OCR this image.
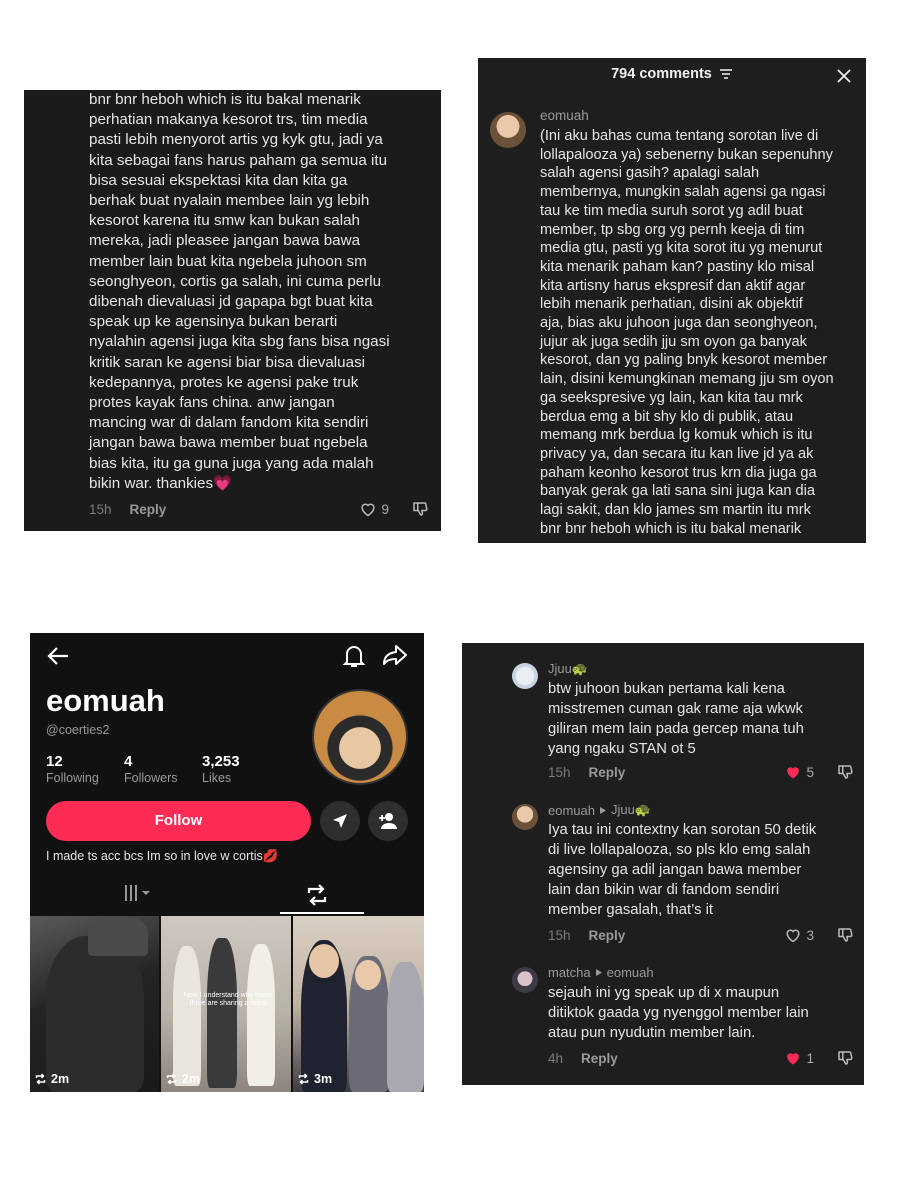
bnr bnr heboh which is itu bakal menarik
perhatian makanya kesorot trs, tim media
pasti lebih menyorot artis yg kyk gtu, jadi ya
kita sebagai fans harus paham ga semua itu
bisa sesuai ekspektasi kita dan kita ga
berhak buat nyalain membee lain yg lebih
kesorot karena itu smw kan bukan salah
mereka, jadi pleasee jangan bawa bawa
member lain buat kita ngebela juhoon sm
seonghyeon, cortis ga salah, ini cuma perlu
dibenah dievaluasi jd gapapa bgt buat kita
speak up ke agensinya bukan berarti
nyalahin agensi juga kita sbg fans bisa ngasi
kritik saran ke agensi biar bisa dievaluasi
kedepannya, protes ke agensi pake truk
protes kayak fans china. anw jangan
mancing war di dalam fandom kita sendiri
jangan bawa bawa member buat ngebela
bias kita, itu ga guna juga yang ada malah
bikin war. thankies💗
15h Reply	9
794 comments
eomuah
(Ini aku bahas cuma tentang sorotan live di
lollapalooza ya) sebenerny bukan sepenuhny
salah agensi gasih? apalagi salah
membernya, mungkin salah agensi ga ngasi
tau ke tim media suruh sorot yg adil buat
member, tp sbg org yg pernh keeja di tim
media gtu, pasti yg kita sorot itu yg menurut
kita menarik paham kan? pastiny klo misal
kita artisny harus ekspresif dan aktif agar
lebih menarik perhatian, disini ak objektif
aja, bias aku juhoon juga dan seonghyeon,
jujur ak juga sedih jju sm oyon ga banyak
kesorot, dan yg paling bnyk kesorot member
lain, disini kemungkinan memang jju sm oyon
ga seekspresive yg lain, kan kita tau mrk
berdua emg a bit shy klo di publik, atau
memang mrk berdua lg komuk which is itu
privacy ya, dan secara itu kan live jd ya ak
paham keonho kesorot trus krn dia juga ga
banyak gerak ga lati sana sini juga kan dia
lagi sakit, dan klo james sm martin itu mrk
bnr bnr heboh which is itu bakal menarik
eomuah
@coerties2
12
Following
4
Followers
3,253
Likes
Follow
I made ts acc bcs Im so in love w cortis💋
2m
Now I understand why those three are sharing a room
2m	3m
Jjuu🐢
btw juhoon bukan pertama kali kena
misstremen cuman gak rame aja wkwk
giliran mem lain pada gercep mana tuh
yang ngaku STAN ot 5
15h Reply	5
eomuah Jjuu🐢
Iya tau ini contextny kan sorotan 50 detik
di live lollapalooza, so pls klo emg salah
agensiny ga adil jangan bawa member
lain dan bikin war di fandom sendiri
member gasalah, that’s it
15h Reply	3
matcha eomuah
sejauh ini yg speak up di x maupun
ditiktok gaada yg nyenggol member lain
atau pun nyudutin member lain.
4h Reply	1
